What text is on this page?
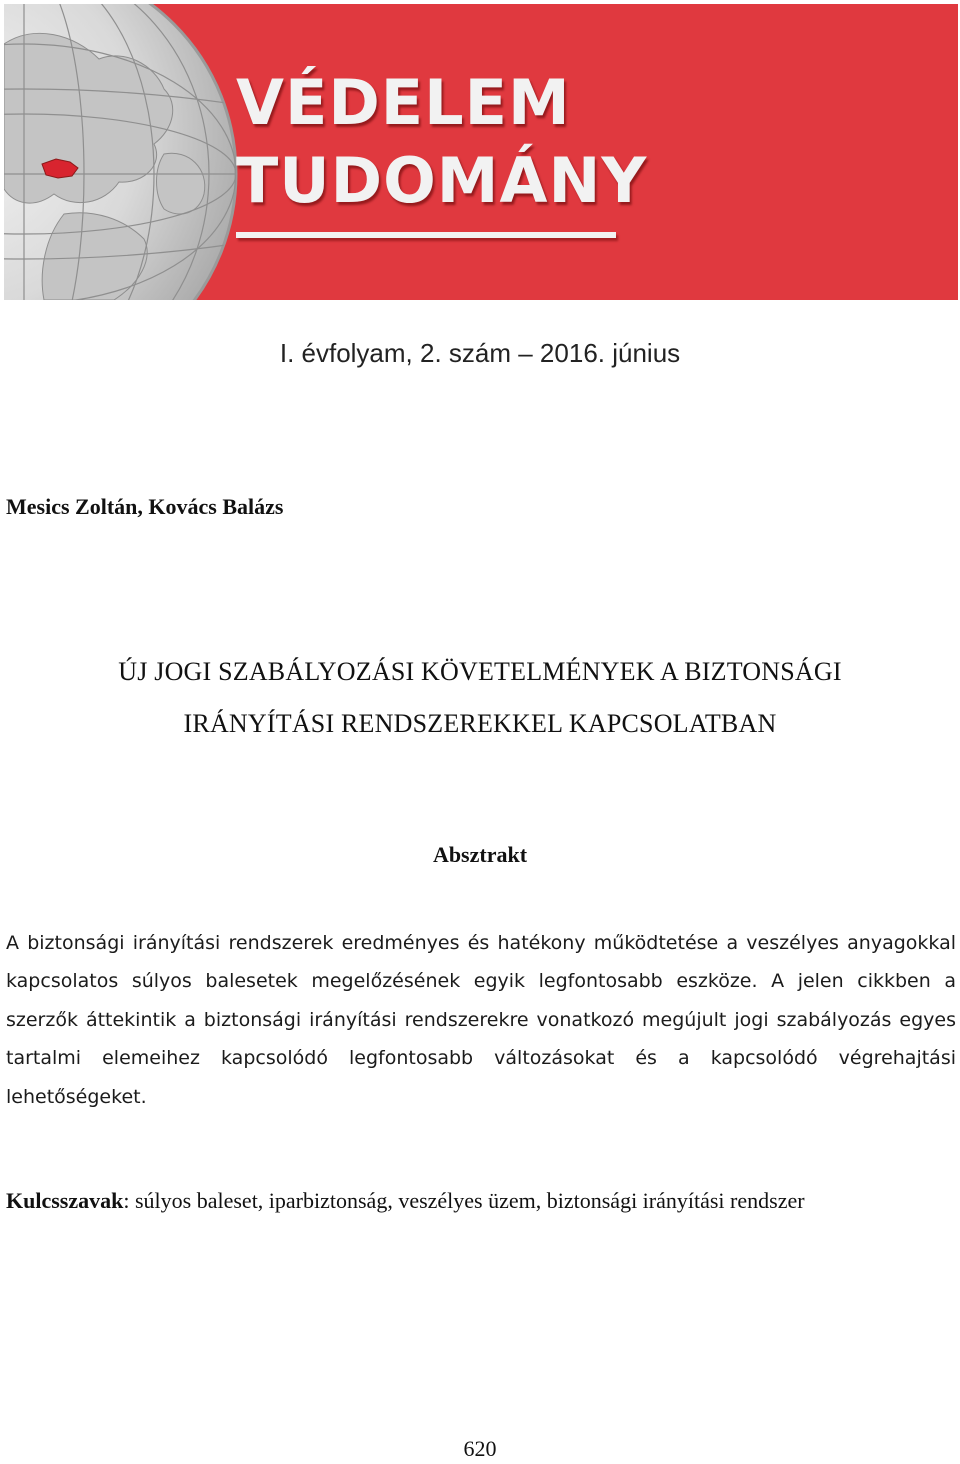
VÉDELEM
TUDOMÁNY
I. évfolyam, 2. szám – 2016. június
Mesics Zoltán, Kovács Balázs
ÚJ JOGI SZABÁLYOZÁSI KÖVETELMÉNYEK A BIZTONSÁGI
IRÁNYÍTÁSI RENDSZEREKKEL KAPCSOLATBAN
Absztrakt

A biztonsági irányítási rendszerek eredményes és hatékony működtetése a veszélyes anyagokkal kapcsolatos súlyos balesetek megelőzésének egyik legfontosabb eszköze. A jelen cikkben a szerzők áttekintik a biztonsági irányítási rendszerekre vonatkozó megújult jogi szabályozás egyes tartalmi elemeihez kapcsolódó legfontosabb változásokat és a kapcsolódó végrehajtási lehetőségeket.

Kulcsszavak: súlyos baleset, iparbiztonság, veszélyes üzem, biztonsági irányítási rendszer

620
